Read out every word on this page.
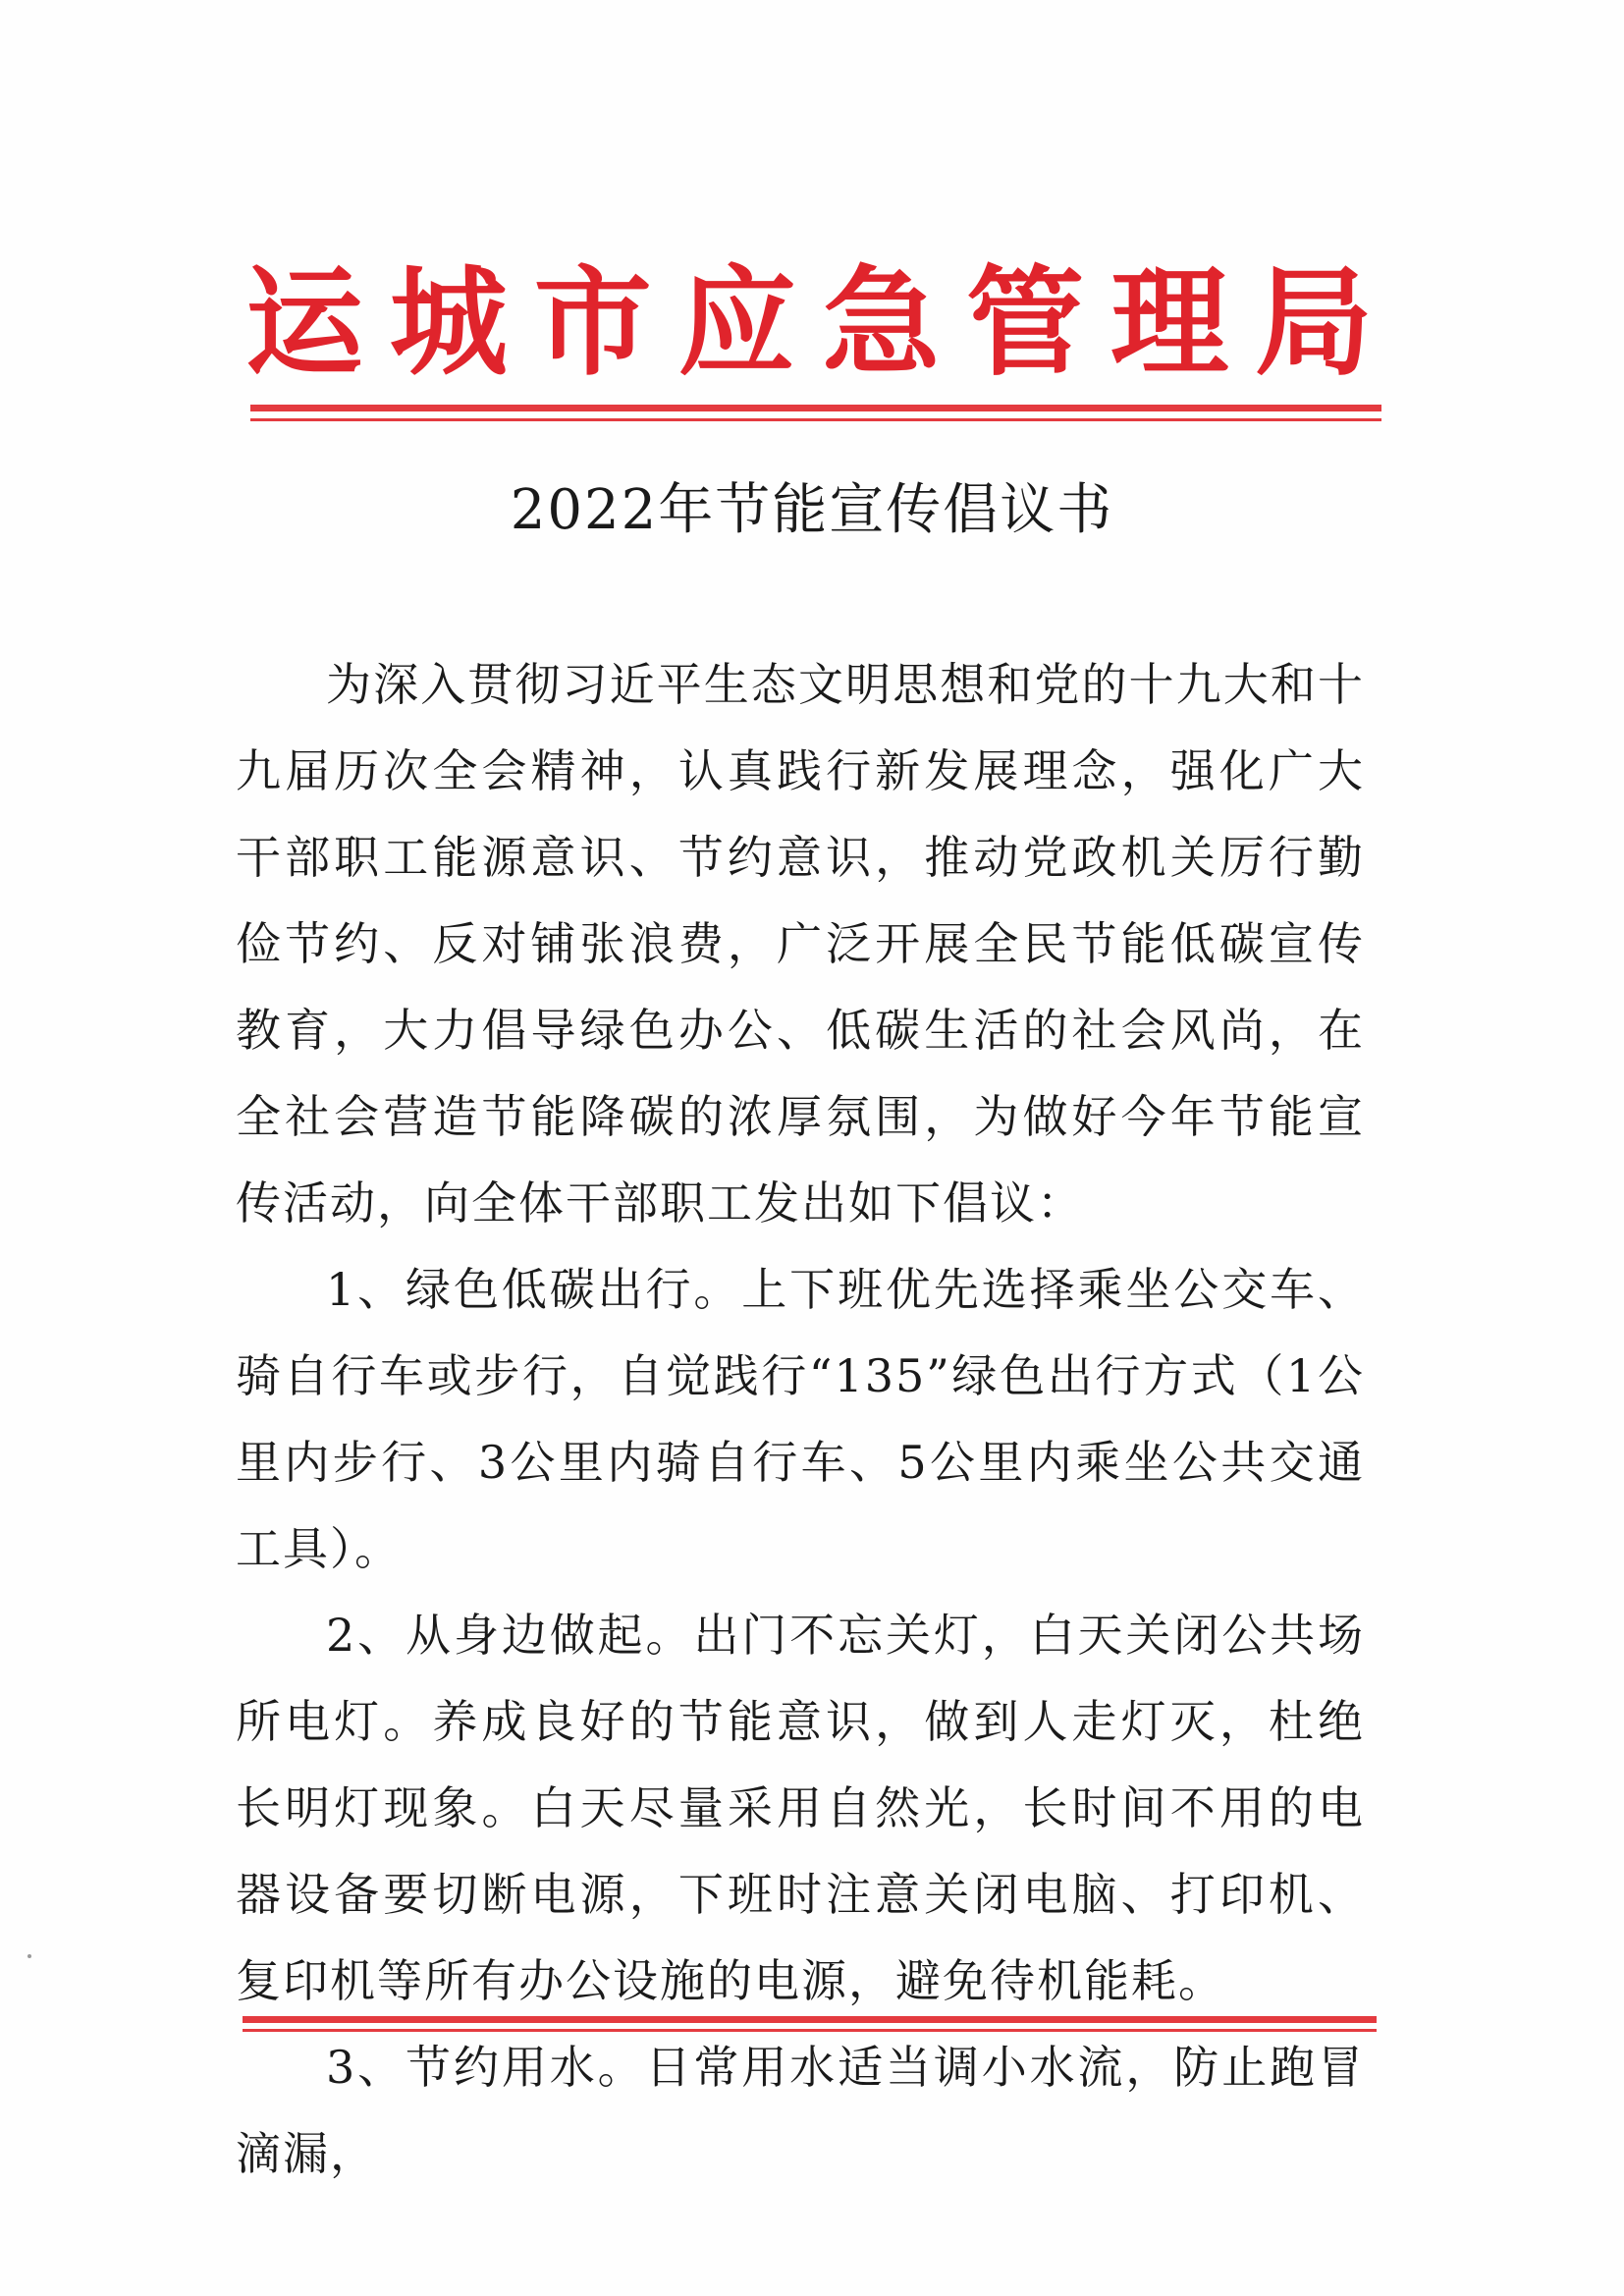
运城市应急管理局
2022年节能宣传倡议书

为深入贯彻习近平生态文明思想和党的十九大和十九届历次全会精神，认真践行新发展理念，强化广大干部职工能源意识、节约意识，推动党政机关厉行勤俭节约、反对铺张浪费，广泛开展全民节能低碳宣传教育，大力倡导绿色办公、低碳生活的社会风尚，在全社会营造节能降碳的浓厚氛围，为做好今年节能宣传活动，向全体干部职工发出如下倡议：

1、绿色低碳出行。上下班优先选择乘坐公交车、骑自行车或步行，自觉践行“135”绿色出行方式（1公里内步行、3公里内骑自行车、5公里内乘坐公共交通工具）。

2、从身边做起。出门不忘关灯，白天关闭公共场所电灯。养成良好的节能意识，做到人走灯灭，杜绝长明灯现象。白天尽量采用自然光，长时间不用的电器设备要切断电源，下班时注意关闭电脑、打印机、复印机等所有办公设施的电源，避免待机能耗。

3、节约用水。日常用水适当调小水流，防止跑冒滴漏，
